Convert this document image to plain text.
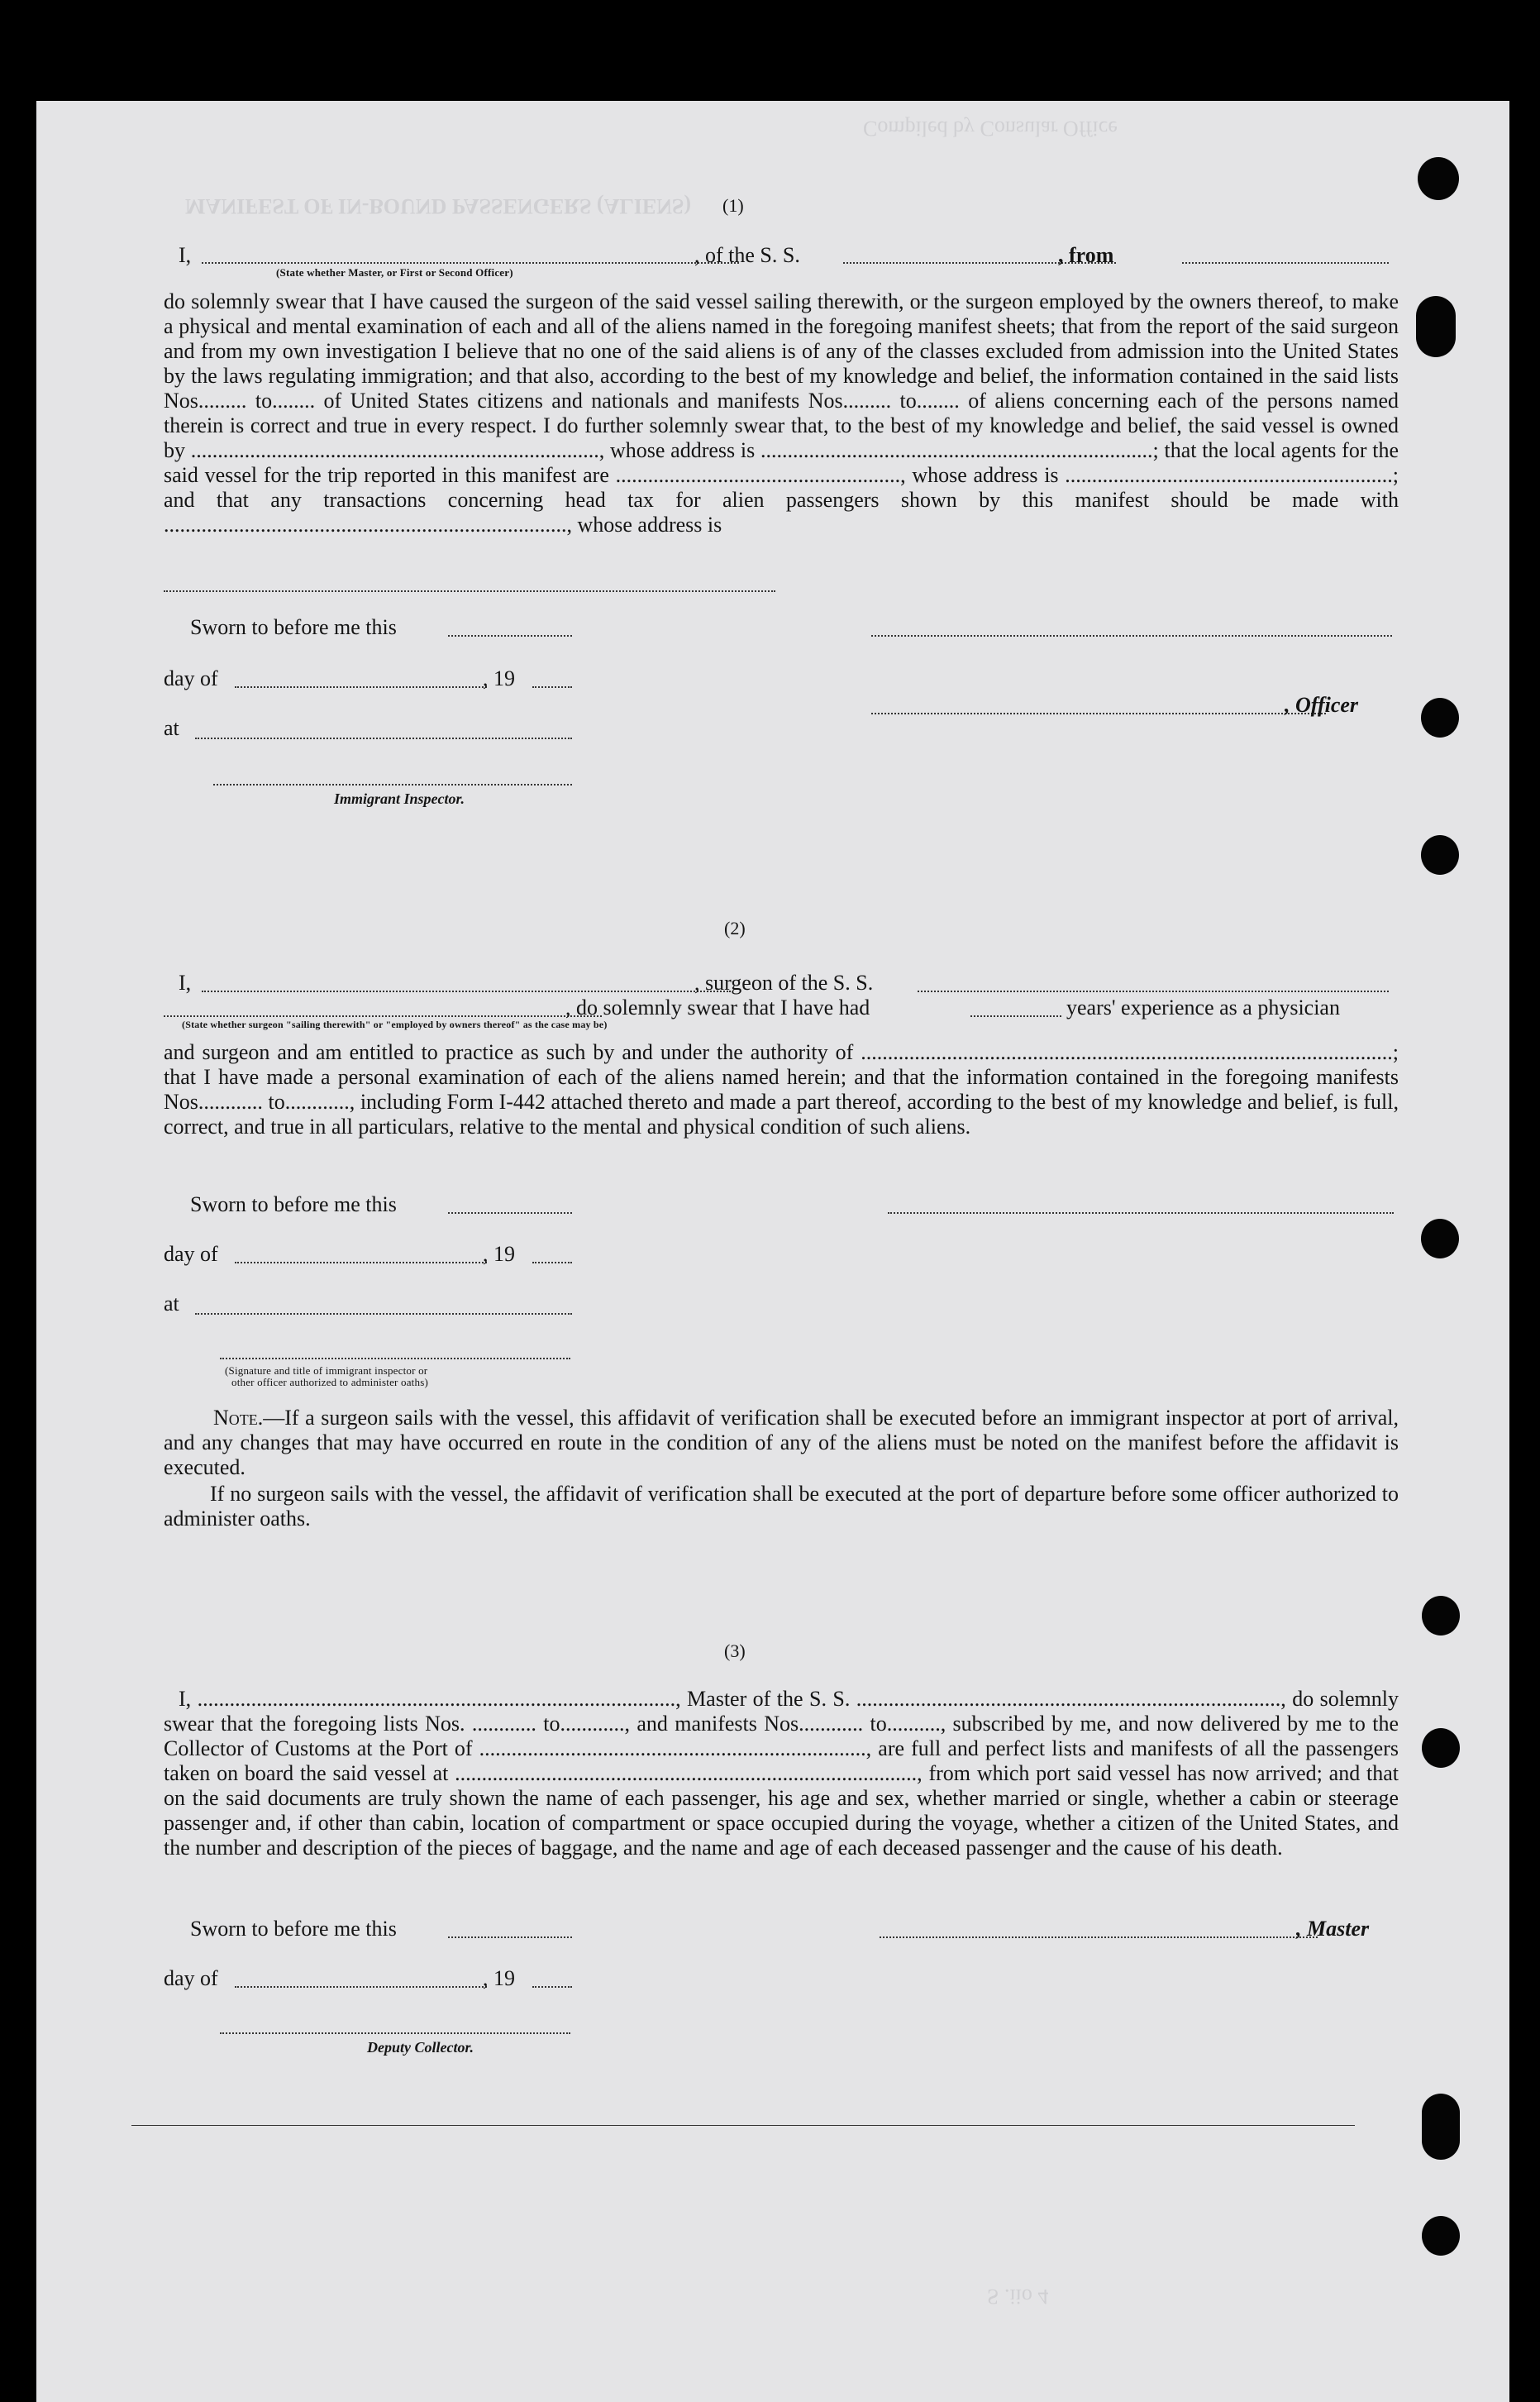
MANIFEST OF IN-BOUND PASSENGERS (ALIENS)
Compiled by Consular Office
S .iio 4
(1)
I,	, of the S. S.	, from
(State whether Master, or First or Second Officer)
do solemnly swear that I have caused the surgeon of the said vessel sailing therewith, or the surgeon employed by the owners thereof, to make a physical and mental examination of each and all of the aliens named in the foregoing manifest sheets; that from the report of the said surgeon and from my own investigation I believe that no one of the said aliens is of any of the classes excluded from admission into the United States by the laws regulating immigration; and that also, according to the best of my knowledge and belief, the information contained in the said lists Nos......... to........ of United States citizens and nationals and manifests Nos......... to........ of aliens concerning each of the persons named therein is correct and true in every respect. I do further solemnly swear that, to the best of my knowledge and belief, the said vessel is owned by ............................................................................, whose address is .........................................................................; that the local agents for the said vessel for the trip reported in this manifest are ....................................................., whose address is .............................................................; and that any transactions concerning head tax for alien passengers shown by this manifest should be made with ..........................................................................., whose address is
Sworn to before me this
day of	, 19
at
, Officer
Immigrant Inspector.
(2)
I,	, surgeon of the S. S.
, do solemnly swear that I have had	years' experience as a physician
(State whether surgeon "sailing therewith" or "employed by owners thereof" as the case may be)
and surgeon and am entitled to practice as such by and under the authority of ...................................................................................................; that I have made a personal examination of each of the aliens named herein; and that the information contained in the foregoing manifests Nos............ to............, including Form I-442 attached thereto and made a part thereof, according to the best of my knowledge and belief, is full, correct, and true in all particulars, relative to the mental and physical condition of such aliens.
Sworn to before me this
day of	, 19
at
(Signature and title of immigrant inspector or
other officer authorized to administer oaths)
Note.—If a surgeon sails with the vessel, this affidavit of verification shall be executed before an immigrant inspector at port of arrival, and any changes that may have occurred en route in the condition of any of the aliens must be noted on the manifest before the affidavit is executed.
If no surgeon sails with the vessel, the affidavit of verification shall be executed at the port of departure before some officer authorized to administer oaths.
(3)
I, ........................................................................................., Master of the S. S. ..............................................................................., do solemnly swear that the foregoing lists Nos. ............ to............, and manifests Nos............ to.........., subscribed by me, and now delivered by me to the Collector of Customs at the Port of ........................................................................, are full and perfect lists and manifests of all the passengers taken on board the said vessel at ......................................................................................, from which port said vessel has now arrived; and that on the said documents are truly shown the name of each passenger, his age and sex, whether married or single, whether a cabin or steerage passenger and, if other than cabin, location of compartment or space occupied during the voyage, whether a citizen of the United States, and the number and description of the pieces of baggage, and the name and age of each deceased passenger and the cause of his death.
Sworn to before me this	, Master
day of	, 19
Deputy Collector.
